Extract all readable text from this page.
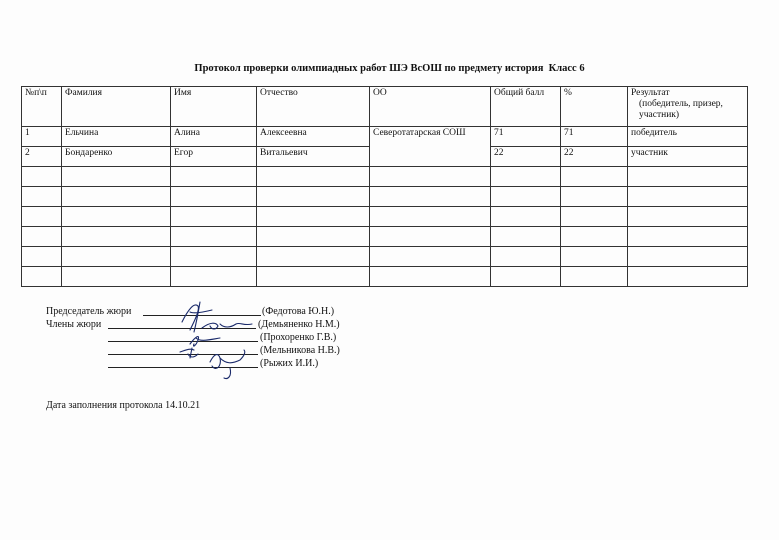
Протокол проверки олимпиадных работ ШЭ ВсОШ по предмету история  Класс 6
№п\п	Фамилия	Имя	Отчество	ОО	Общий балл	%	Результат
(победитель, призер, участник)

1	Ельчина	Алина	Алексеевна	Северотатарская СОШ	71	71	победитель
2	Бондаренко	Егор	Витальевич		22	22	участник

Председатель жюри	(Федотова Ю.Н.)
Члены жюри	(Демьяненко Н.М.)
(Прохоренко Г.В.)
(Мельникова Н.В.)
(Рыжих И.И.)
Дата заполнения протокола 14.10.21
